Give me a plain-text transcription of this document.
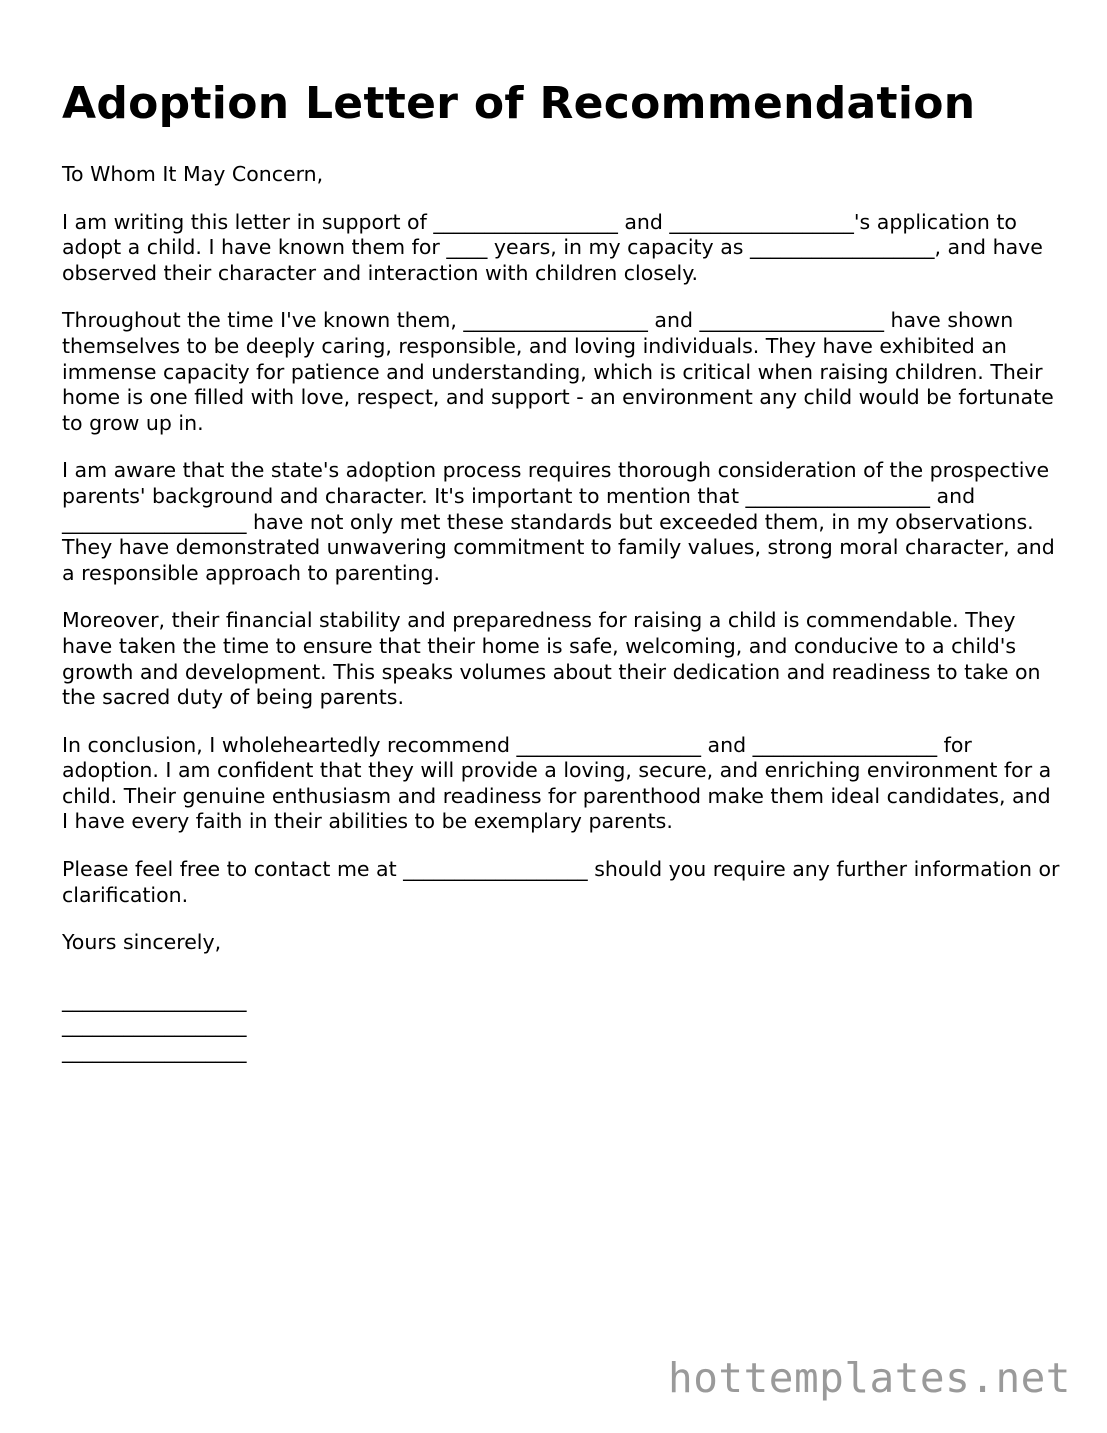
Adoption Letter of Recommendation

To Whom It May Concern,

I am writing this letter in support of __________________ and __________________'s application to adopt a child. I have known them for ____ years, in my capacity as __________________, and have observed their character and interaction with children closely.

Throughout the time I've known them, __________________ and __________________ have shown themselves to be deeply caring, responsible, and loving individuals. They have exhibited an immense capacity for patience and understanding, which is critical when raising children. Their home is one filled with love, respect, and support - an environment any child would be fortunate to grow up in.

I am aware that the state's adoption process requires thorough consideration of the prospective parents' background and character. It's important to mention that __________________ and __________________ have not only met these standards but exceeded them, in my observations. They have demonstrated unwavering commitment to family values, strong moral character, and a responsible approach to parenting.

Moreover, their financial stability and preparedness for raising a child is commendable. They have taken the time to ensure that their home is safe, welcoming, and conducive to a child's growth and development. This speaks volumes about their dedication and readiness to take on the sacred duty of being parents.

In conclusion, I wholeheartedly recommend __________________ and __________________ for adoption. I am confident that they will provide a loving, secure, and enriching environment for a child. Their genuine enthusiasm and readiness for parenthood make them ideal candidates, and I have every faith in their abilities to be exemplary parents.

Please feel free to contact me at __________________ should you require any further information or clarification.

Yours sincerely,

__________________
__________________
__________________
hottemplates.net
